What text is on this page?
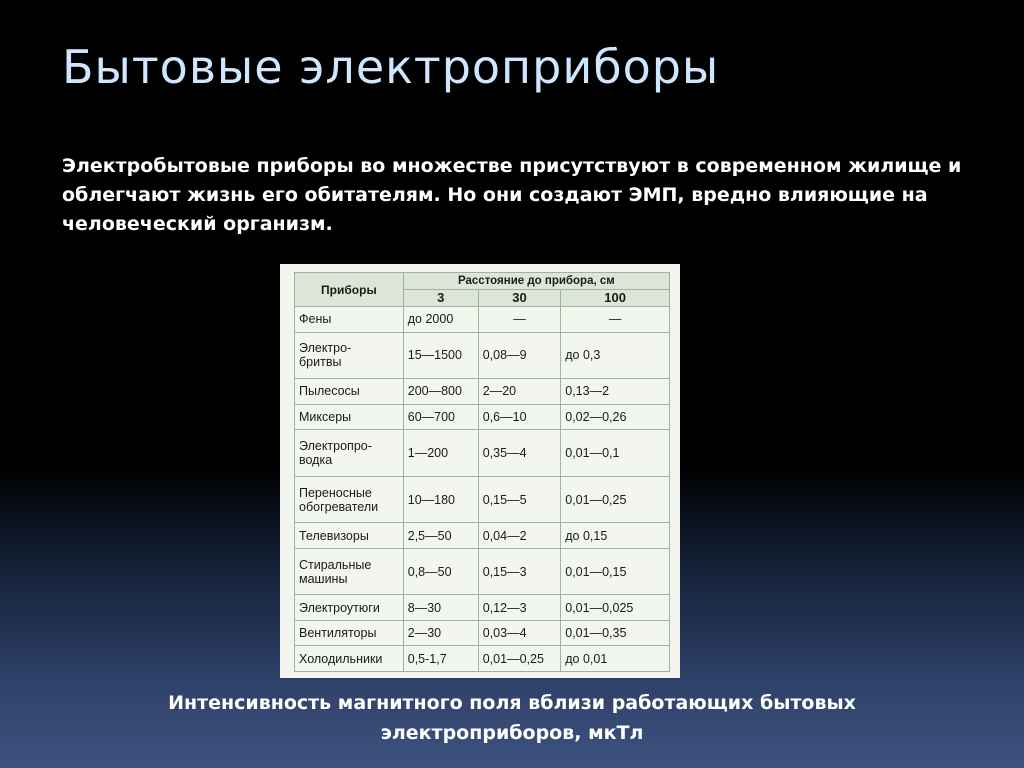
Бытовые электроприборы

Электробытовые приборы во множестве присутствуют в современном жилище и облегчают жизнь его обитателям. Но они создают ЭМП, вредно влияющие на человеческий организм.

Приборы	Расстояние до прибора, см		
	3	30	100
Фены	до 2000	—	—
Электро-
бритвы	15—1500	0,08—9	до 0,3
Пылесосы	200—800	2—20	0,13—2
Миксеры	60—700	0,6—10	0,02—0,26
Электропро-
водка	1—200	0,35—4	0,01—0,1
Переносные
обогреватели	10—180	0,15—5	0,01—0,25
Телевизоры	2,5—50	0,04—2	до 0,15
Стиральные
машины	0,8—50	0,15—3	0,01—0,15
Электроутюги	8—30	0,12—3	0,01—0,025
Вентиляторы	2—30	0,03—4	0,01—0,35
Холодильники	0,5-1,7	0,01—0,25	до 0,01

Интенсивность магнитного поля вблизи работающих бытовых
электроприборов, мкТл
